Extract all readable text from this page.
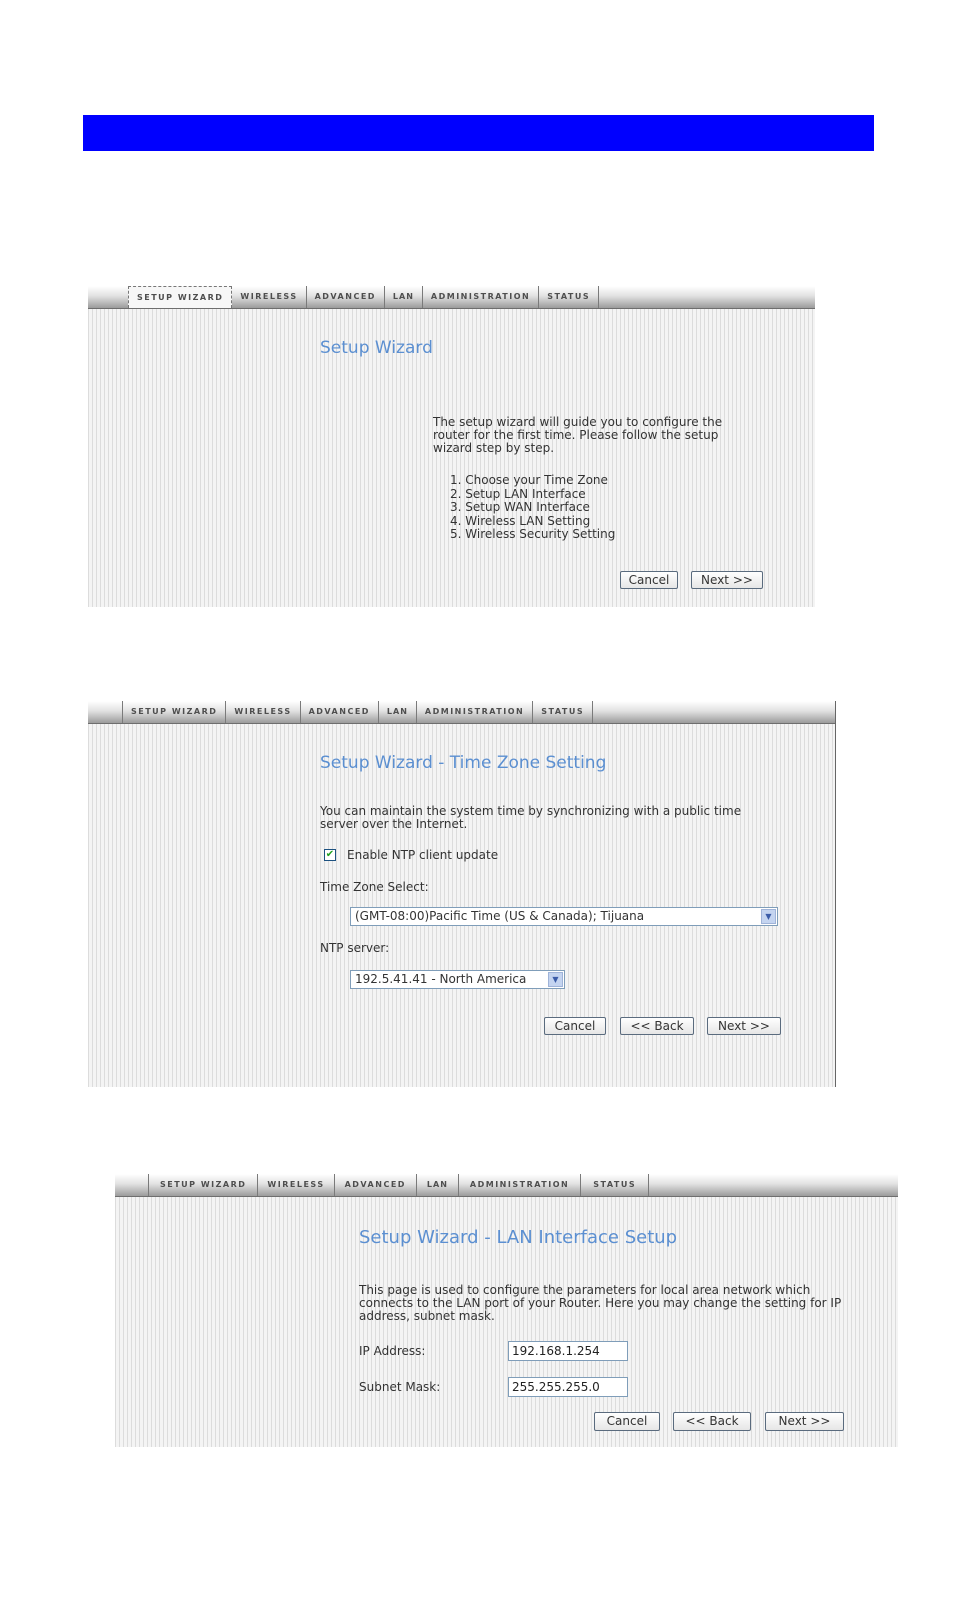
SETUP WIZARD	WIRELESS	ADVANCED	LAN	ADMINISTRATION	STATUS
Setup Wizard
The setup wizard will guide you to configure the router for the first time. Please follow the setup wizard step by step.
1. Choose your Time Zone
2. Setup LAN Interface
3. Setup WAN Interface
4. Wireless LAN Setting
5. Wireless Security Setting
Cancel	Next >>
SETUP WIZARD	WIRELESS	ADVANCED	LAN	ADMINISTRATION	STATUS
Setup Wizard - Time Zone Setting
You can maintain the system time by synchronizing with a public time server over the Internet.
✔ Enable NTP client update
Time Zone Select:
(GMT-08:00)Pacific Time (US & Canada); Tijuana	▼
NTP server:
192.5.41.41 - North America	▼
Cancel	<< Back	Next >>
SETUP WIZARD	WIRELESS	ADVANCED	LAN	ADMINISTRATION	STATUS
Setup Wizard - LAN Interface Setup
This page is used to configure the parameters for local area network which connects to the LAN port of your Router. Here you may change the setting for IP address, subnet mask.
IP Address:	192.168.1.254
Subnet Mask:	255.255.255.0
Cancel	<< Back	Next >>
